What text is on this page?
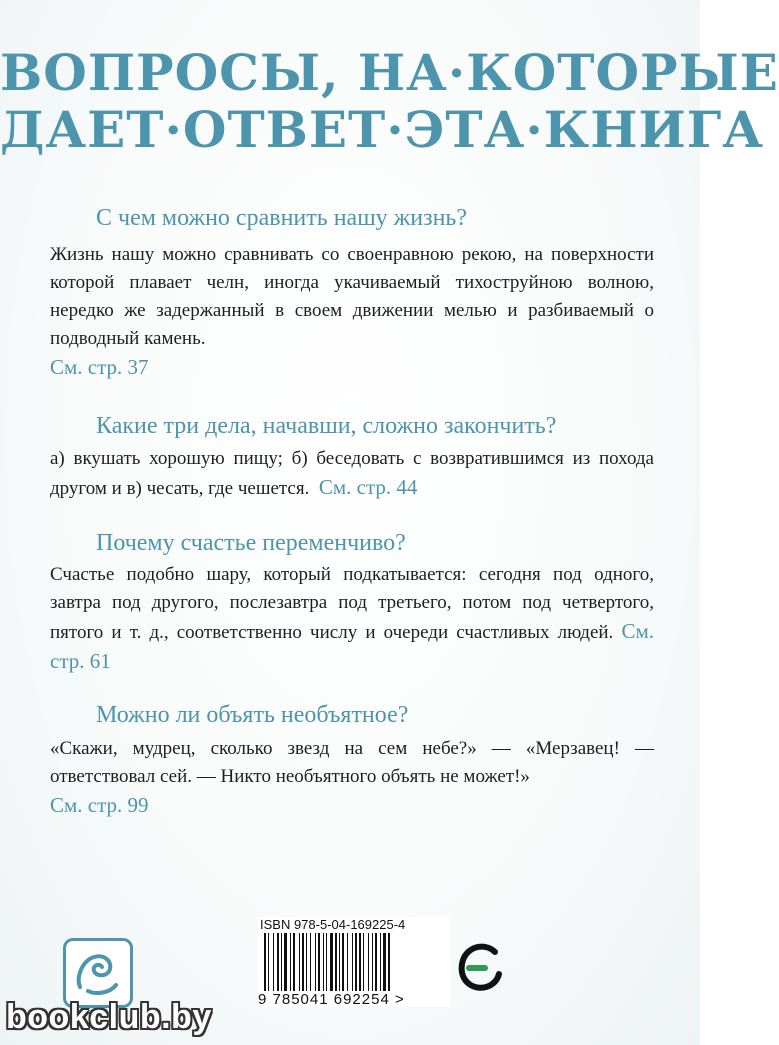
ВОПРОСЫ, НА·КОТОРЫЕ
ДАЕТ·ОТВЕТ·ЭТА·КНИГА

С чем можно сравнить нашу жизнь?

Жизнь нашу можно сравнивать со своенравною рекою, на поверхности которой плавает челн, иногда укачиваемый тихоструйною волною, нередко же задержанный в своем движении мелью и разбиваемый о подводный камень.
См. стр. 37

Какие три дела, начавши, сложно закончить?

а) вкушать хорошую пищу; б) беседовать с возвратившимся из похода другом и в) чесать, где чешется. См. стр. 44

Почему счастье переменчиво?

Счастье подобно шару, который подкатывается: сегодня под одного, завтра под другого, послезавтра под третьего, потом под четвертого, пятого и т. д., соответственно числу и очереди счастливых людей. См. стр. 61

Можно ли объять необъятное?

«Скажи, мудрец, сколько звезд на сем небе?» — «Мерзавец! — ответствовал сей. — Никто необъятного объять не может!»
См. стр. 99

ISBN 978-5-04-169225-4
9 785041 692254 >
bookclub.by
